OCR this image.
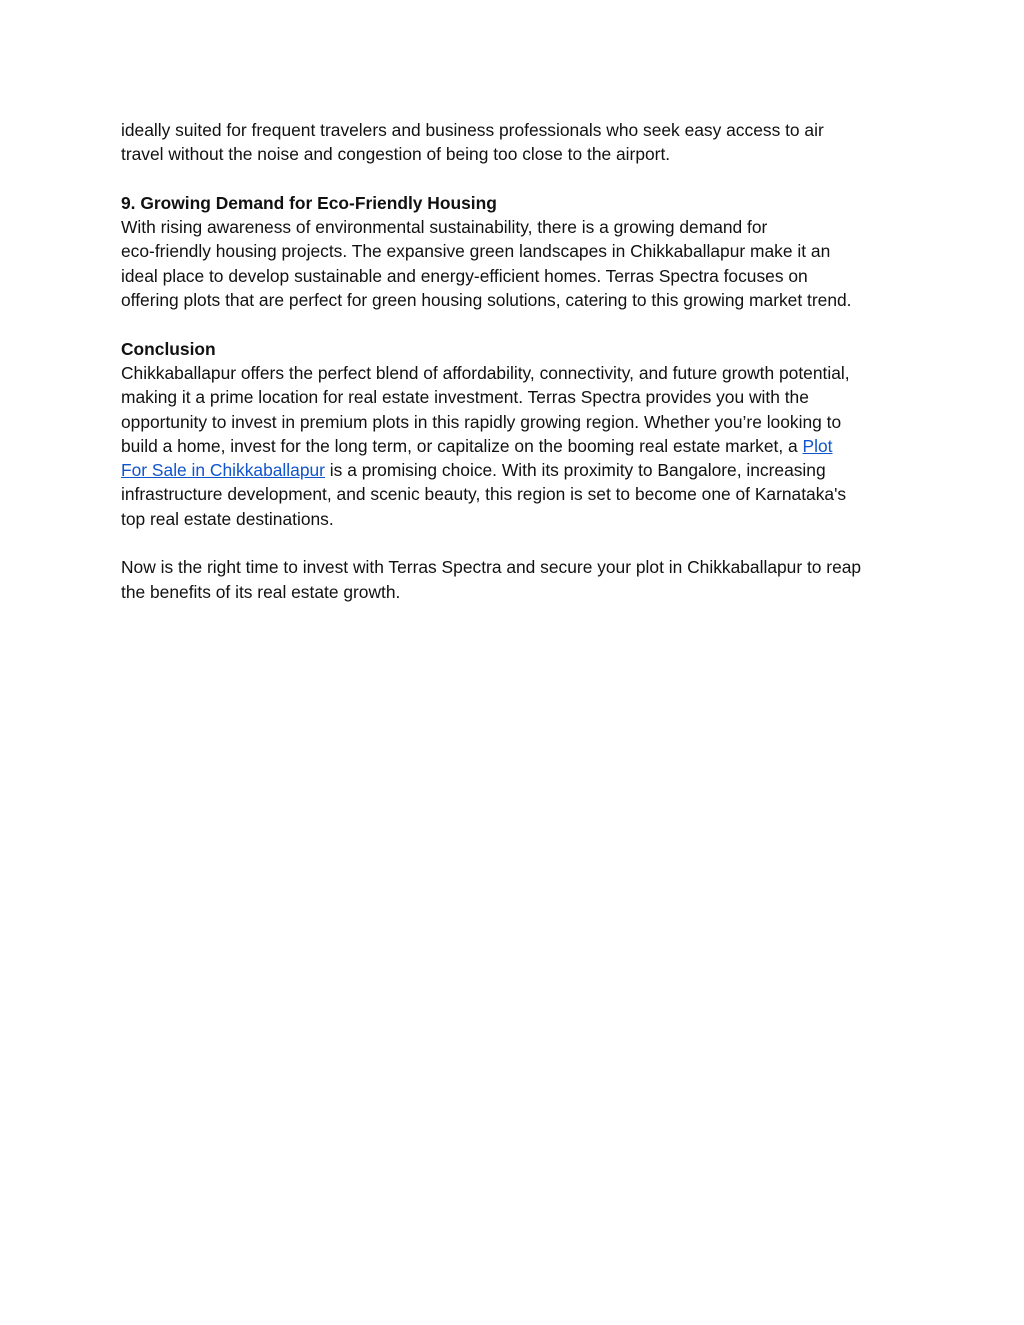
ideally suited for frequent travelers and business professionals who seek easy access to air
travel without the noise and congestion of being too close to the airport.

9. Growing Demand for Eco-Friendly Housing
With rising awareness of environmental sustainability, there is a growing demand for
eco-friendly housing projects. The expansive green landscapes in Chikkaballapur make it an
ideal place to develop sustainable and energy-efficient homes. Terras Spectra focuses on
offering plots that are perfect for green housing solutions, catering to this growing market trend.
Conclusion
Chikkaballapur offers the perfect blend of affordability, connectivity, and future growth potential,
making it a prime location for real estate investment. Terras Spectra provides you with the
opportunity to invest in premium plots in this rapidly growing region. Whether you’re looking to
build a home, invest for the long term, or capitalize on the booming real estate market, a Plot
For Sale in Chikkaballapur is a promising choice. With its proximity to Bangalore, increasing
infrastructure development, and scenic beauty, this region is set to become one of Karnataka's
top real estate destinations.

Now is the right time to invest with Terras Spectra and secure your plot in Chikkaballapur to reap
the benefits of its real estate growth.
